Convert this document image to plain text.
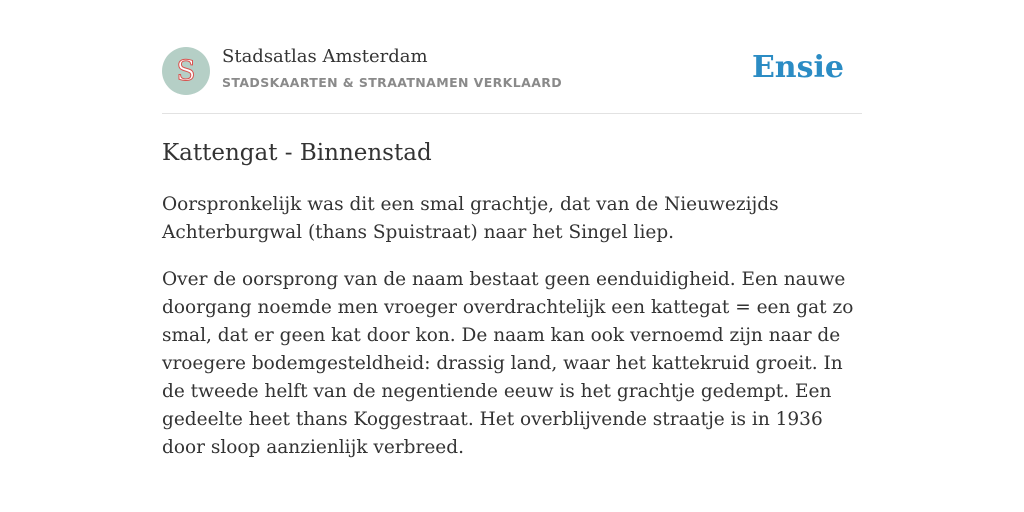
S	Stadsatlas Amsterdam
STADSKAARTEN & STRAATNAMEN VERKLAARD	Ensie
Kattengat - Binnenstad

Oorspronkelijk was dit een smal grachtje, dat van de Nieuwezijds Achterburgwal (thans Spuistraat) naar het Singel liep.

Over de oorsprong van de naam bestaat geen eenduidigheid. Een nauwe doorgang noemde men vroeger overdrachtelijk een kattegat = een gat zo smal, dat er geen kat door kon. De naam kan ook vernoemd zijn naar de vroegere bodemgesteldheid: drassig land, waar het kattekruid groeit. In de tweede helft van de negentiende eeuw is het grachtje gedempt. Een gedeelte heet thans Koggestraat. Het overblijvende straatje is in 1936 door sloop aanzienlijk verbreed.
